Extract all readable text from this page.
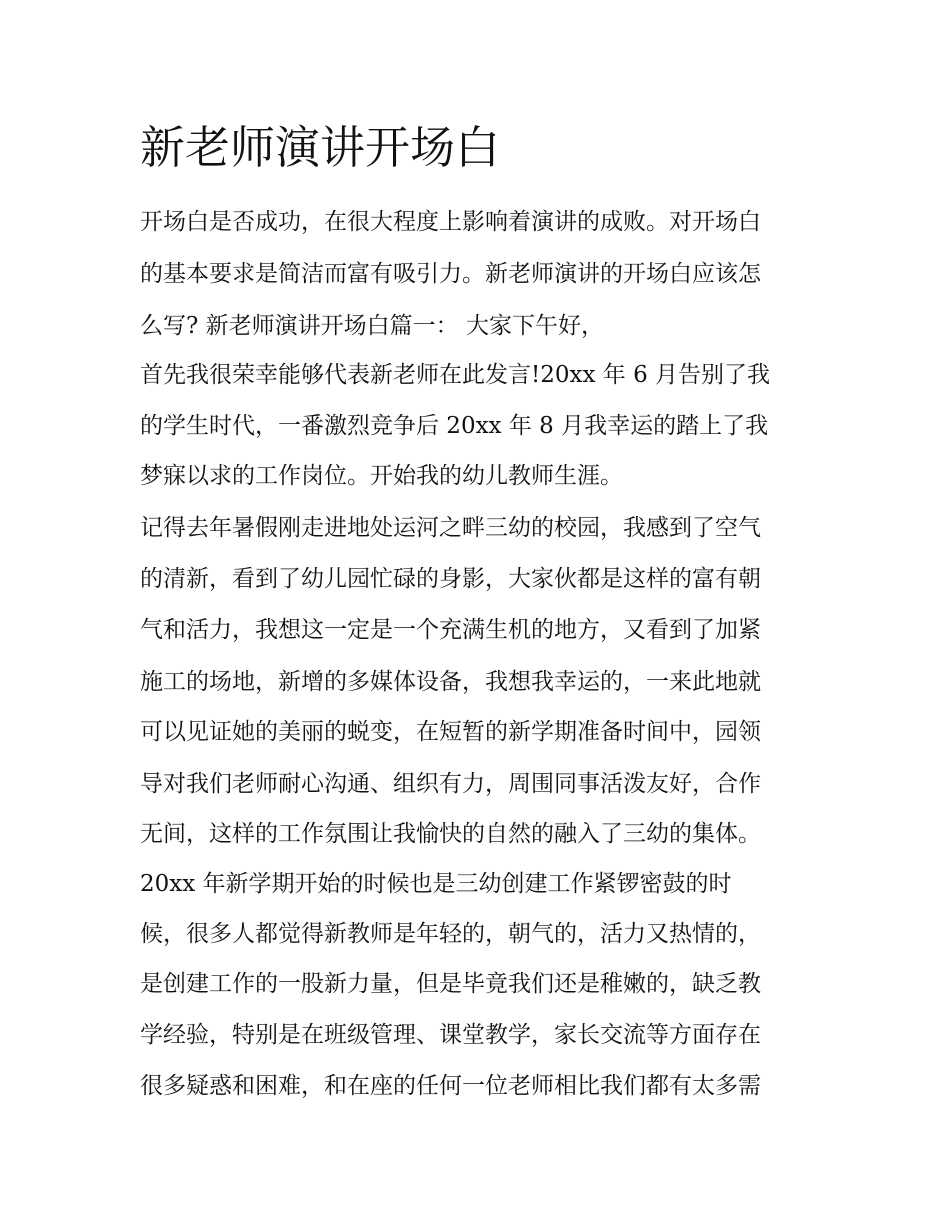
新老师演讲开场白

开场白是否成功，在很大程度上影响着演讲的成败。对开场白

的基本要求是简洁而富有吸引力。新老师演讲的开场白应该怎

么写? 新老师演讲开场白篇一： 大家下午好，

首先我很荣幸能够代表新老师在此发言!20xx 年 6 月告别了我

的学生时代，一番激烈竞争后 20xx 年 8 月我幸运的踏上了我

梦寐以求的工作岗位。开始我的幼儿教师生涯。

记得去年暑假刚走进地处运河之畔三幼的校园，我感到了空气

的清新，看到了幼儿园忙碌的身影，大家伙都是这样的富有朝

气和活力，我想这一定是一个充满生机的地方，又看到了加紧

施工的场地，新增的多媒体设备，我想我幸运的，一来此地就

可以见证她的美丽的蜕变，在短暂的新学期准备时间中，园领

导对我们老师耐心沟通、组织有力，周围同事活泼友好，合作

无间，这样的工作氛围让我愉快的自然的融入了三幼的集体。

20xx 年新学期开始的时候也是三幼创建工作紧锣密鼓的时

候，很多人都觉得新教师是年轻的，朝气的，活力又热情的，

是创建工作的一股新力量，但是毕竟我们还是稚嫩的，缺乏教

学经验，特别是在班级管理、课堂教学，家长交流等方面存在

很多疑惑和困难，和在座的任何一位老师相比我们都有太多需
